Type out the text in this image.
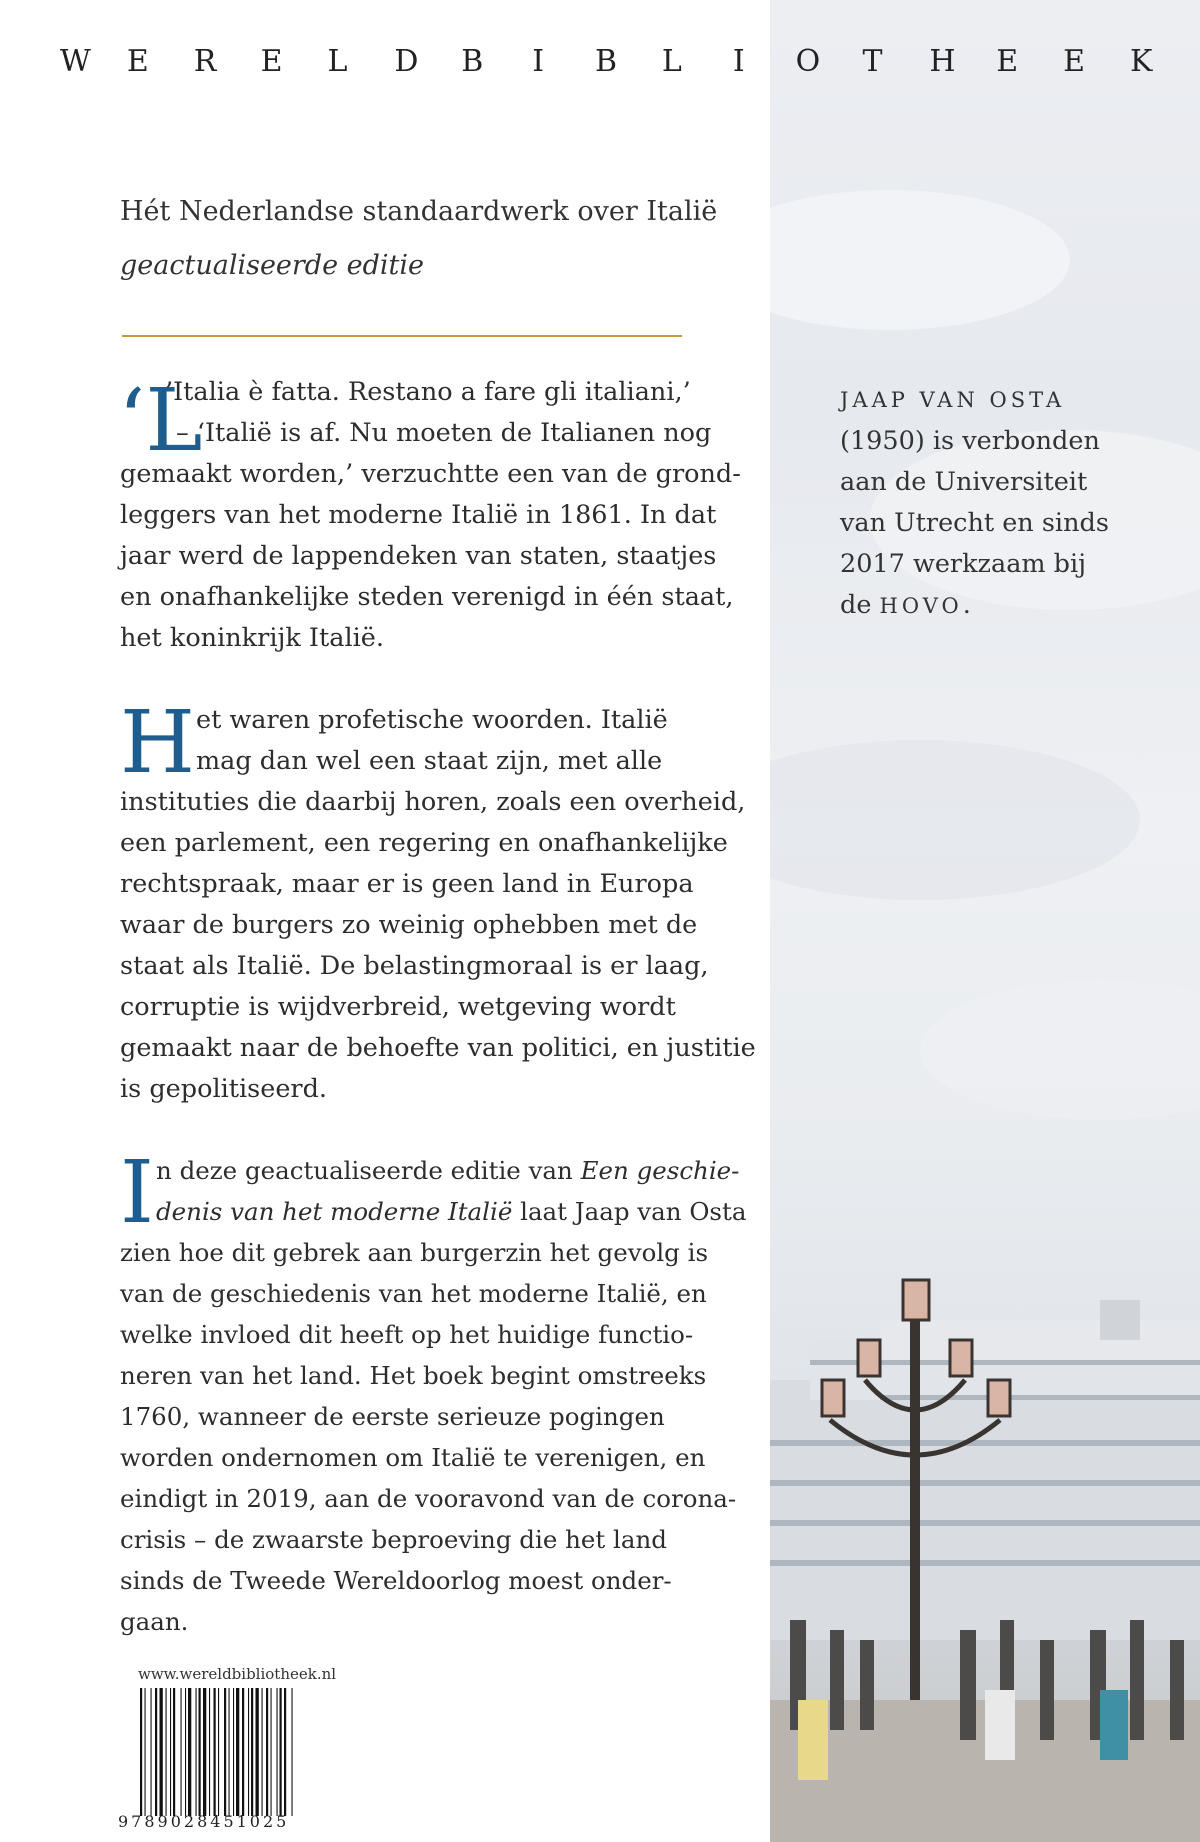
W E R E L D B I B L I O T H E E K
Hét Nederlandse standaardwerk over Italië
geactualiseerde editie
‘L
’Italia è fatta. Restano a fare gli italiani,’
– ‘Italië is af. Nu moeten de Italianen nog
gemaakt worden,’ verzuchtte een van de grond-
leggers van het moderne Italië in 1861. In dat
jaar werd de lappendeken van staten, staatjes
en onafhankelijke steden verenigd in één staat,
het koninkrijk Italië.
H et waren profetische woorden. Italië
mag dan wel een staat zijn, met alle
instituties die daarbij horen, zoals een overheid,
een parlement, een regering en onafhankelijke
rechtspraak, maar er is geen land in Europa
waar de burgers zo weinig ophebben met de
staat als Italië. De belastingmoraal is er laag,
corruptie is wijdverbreid, wetgeving wordt
gemaakt naar de behoefte van politici, en justitie
is gepolitiseerd.
I n deze geactualiseerde editie van Een geschie-
denis van het moderne Italië laat Jaap van Osta
zien hoe dit gebrek aan burgerzin het gevolg is
van de geschiedenis van het moderne Italië, en
welke invloed dit heeft op het huidige functio-
neren van het land. Het boek begint omstreeks
1760, wanneer de eerste serieuze pogingen
worden ondernomen om Italië te verenigen, en
eindigt in 2019, aan de vooravond van de corona-
crisis – de zwaarste beproeving die het land
sinds de Tweede Wereldoorlog moest onder-
gaan.
JAAP VAN OSTA
(1950) is verbonden
aan de Universiteit
van Utrecht en sinds
2017 werkzaam bij
de HOVO.
www.wereldbibliotheek.nl
9789028451025
